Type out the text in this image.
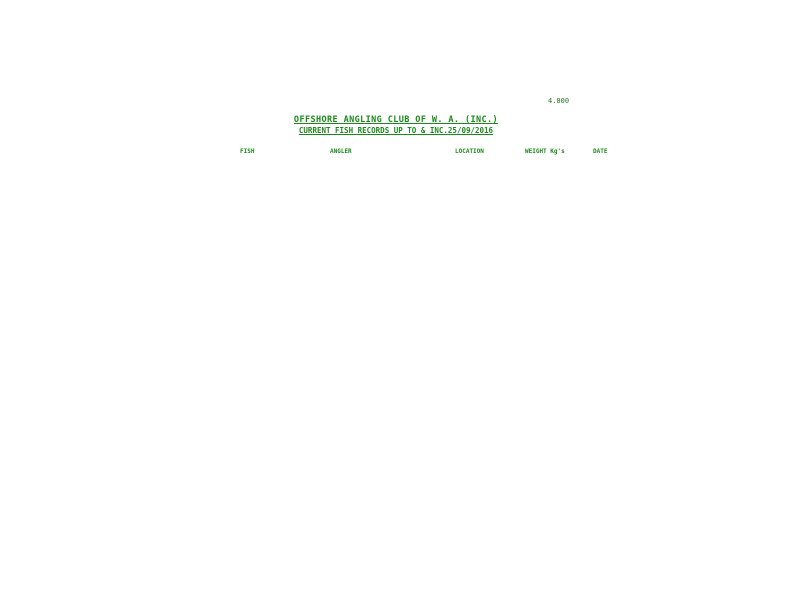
4.000
OFFSHORE ANGLING CLUB OF W. A. (INC.)
CURRENT FISH RECORDS UP TO & INC.25/09/2016
FISH	ANGLER	LOCATION	WEIGHT Kg's	DATE
